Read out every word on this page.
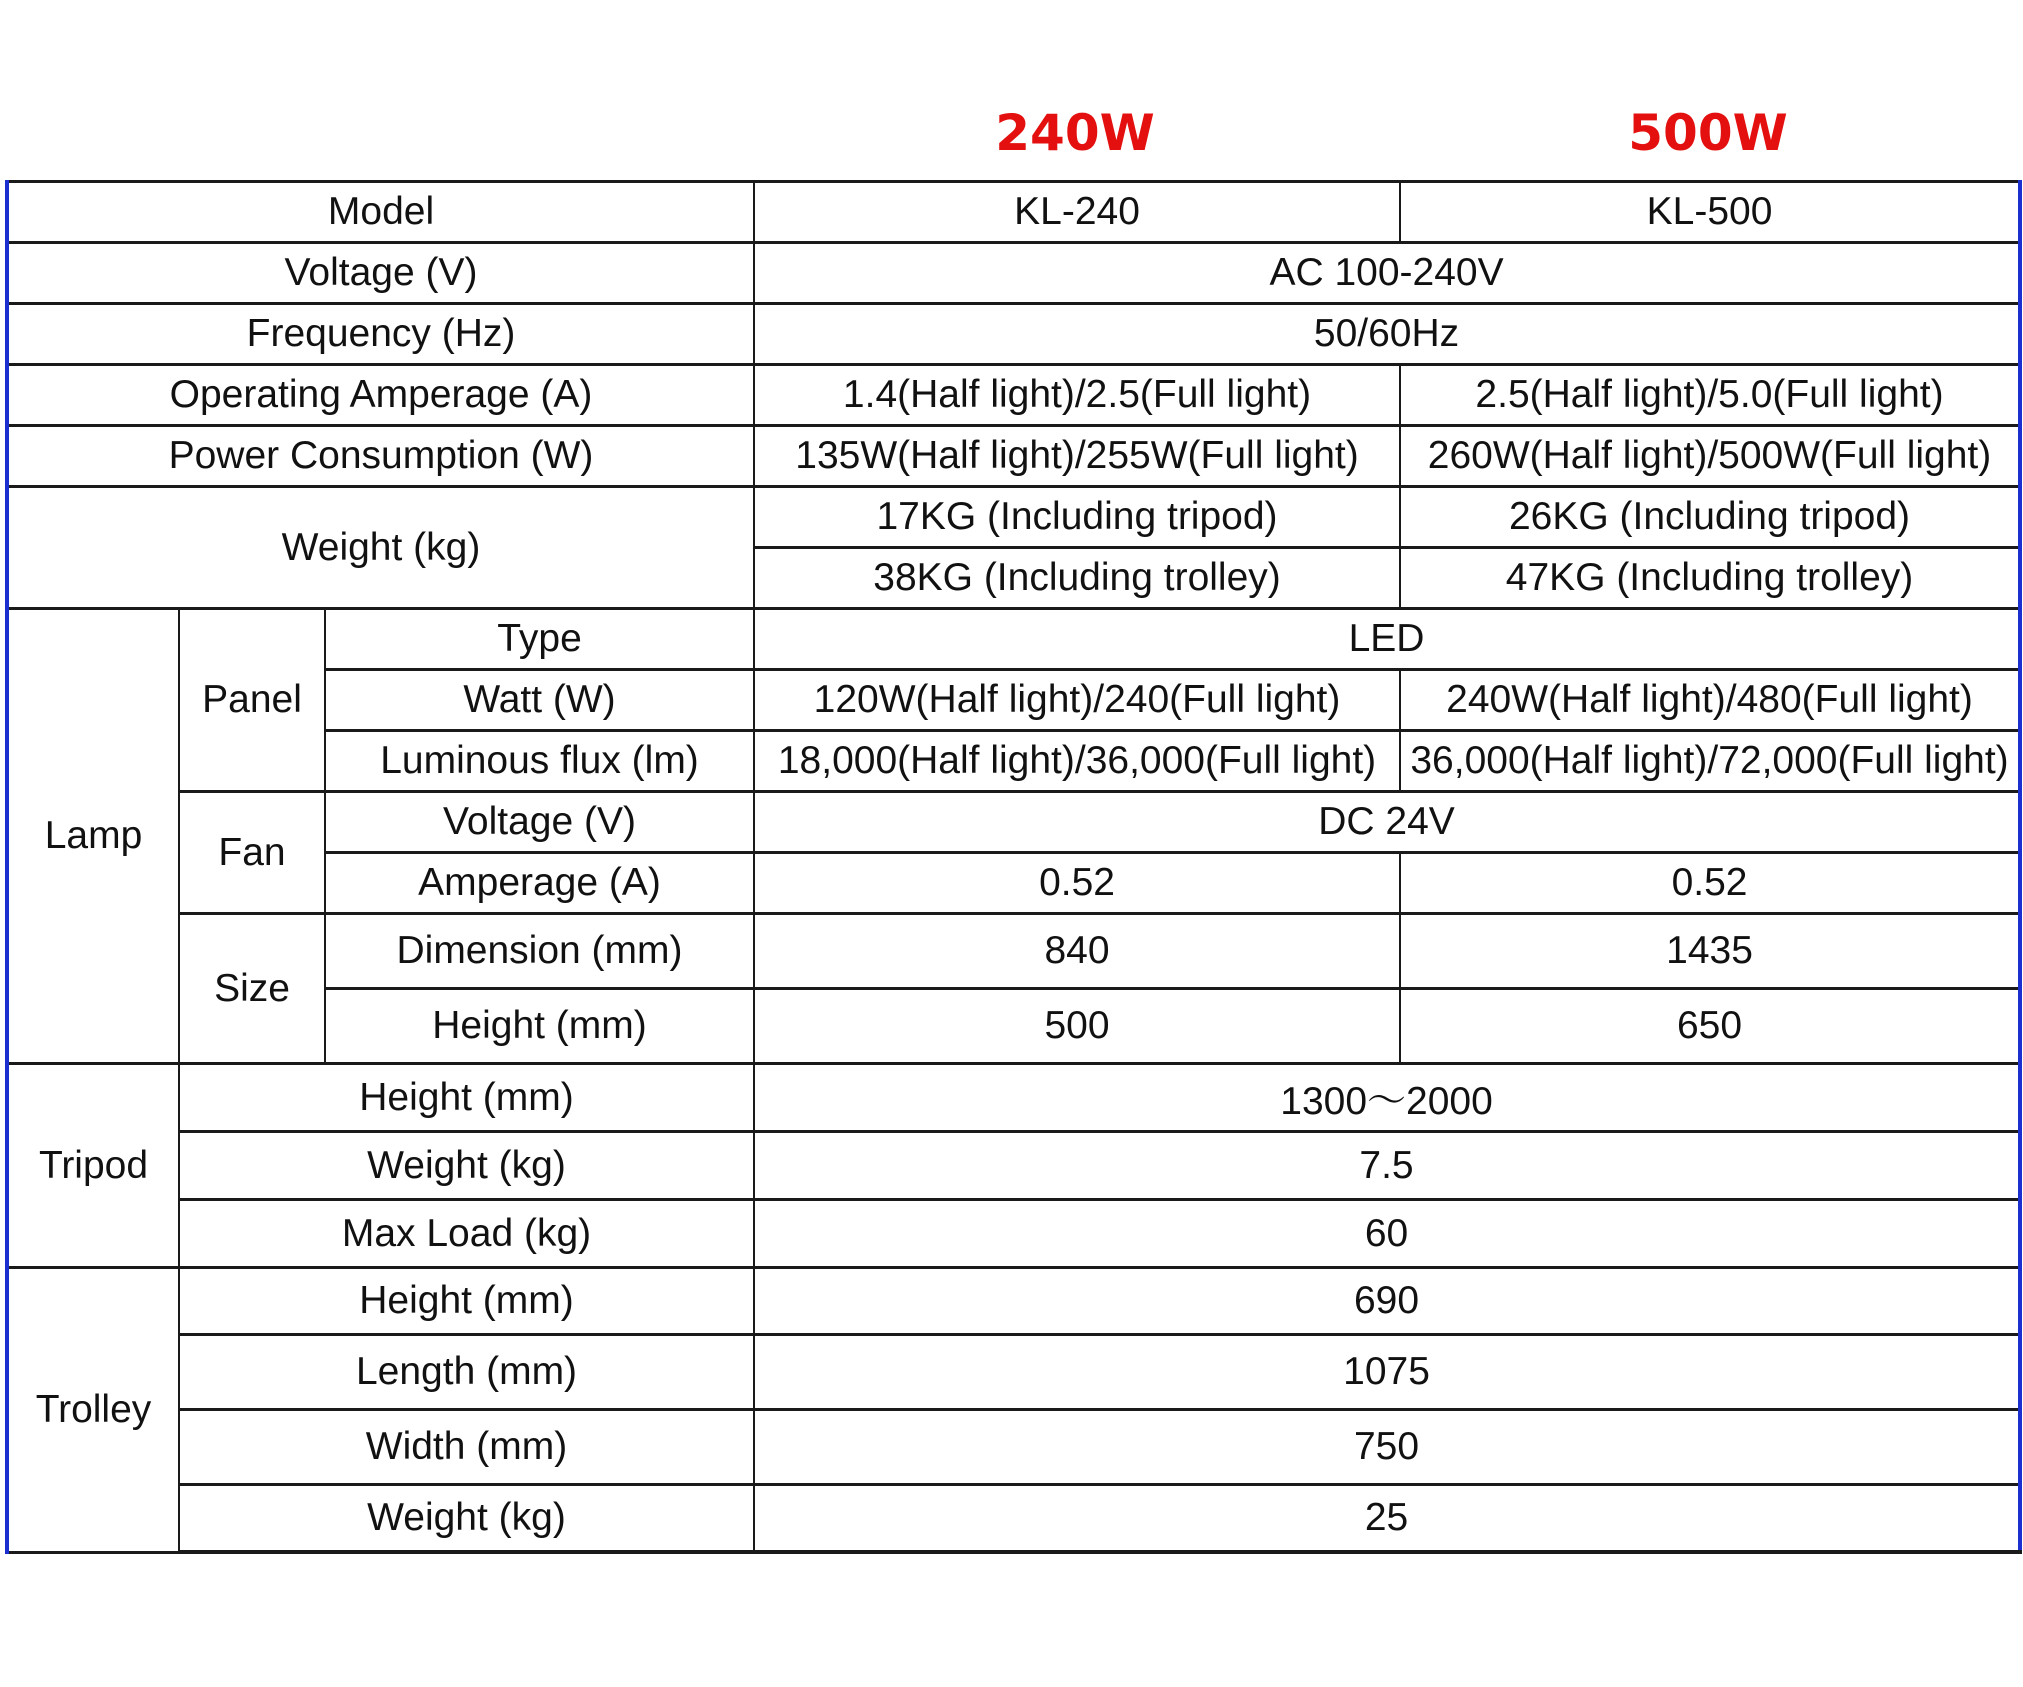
240W	500W
Model			KL-240	KL-500
Voltage (V)			AC 100-240V	
Frequency (Hz)			50/60Hz	
Operating Amperage (A)			1.4(Half light)/2.5(Full light)	2.5(Half light)/5.0(Full light)
Power Consumption (W)			135W(Half light)/255W(Full light)	260W(Half light)/500W(Full light)
Weight (kg)			17KG (Including tripod)	26KG (Including tripod)
			38KG (Including trolley)	47KG (Including trolley)
Lamp	Panel	Type	LED	
		Watt (W)	120W(Half light)/240(Full light)	240W(Half light)/480(Full light)
		Luminous flux (lm)	18,000(Half light)/36,000(Full light)	36,000(Half light)/72,000(Full light)
	Fan	Voltage (V)	DC 24V	
		Amperage (A)	0.52	0.52
	Size	Dimension (mm)	840	1435
		Height (mm)	500	650
Tripod	Height (mm)		1300～2000	
	Weight (kg)		7.5	
	Max Load (kg)		60	
Trolley	Height (mm)		690	
	Length (mm)		1075	
	Width (mm)		750	
	Weight (kg)		25	
